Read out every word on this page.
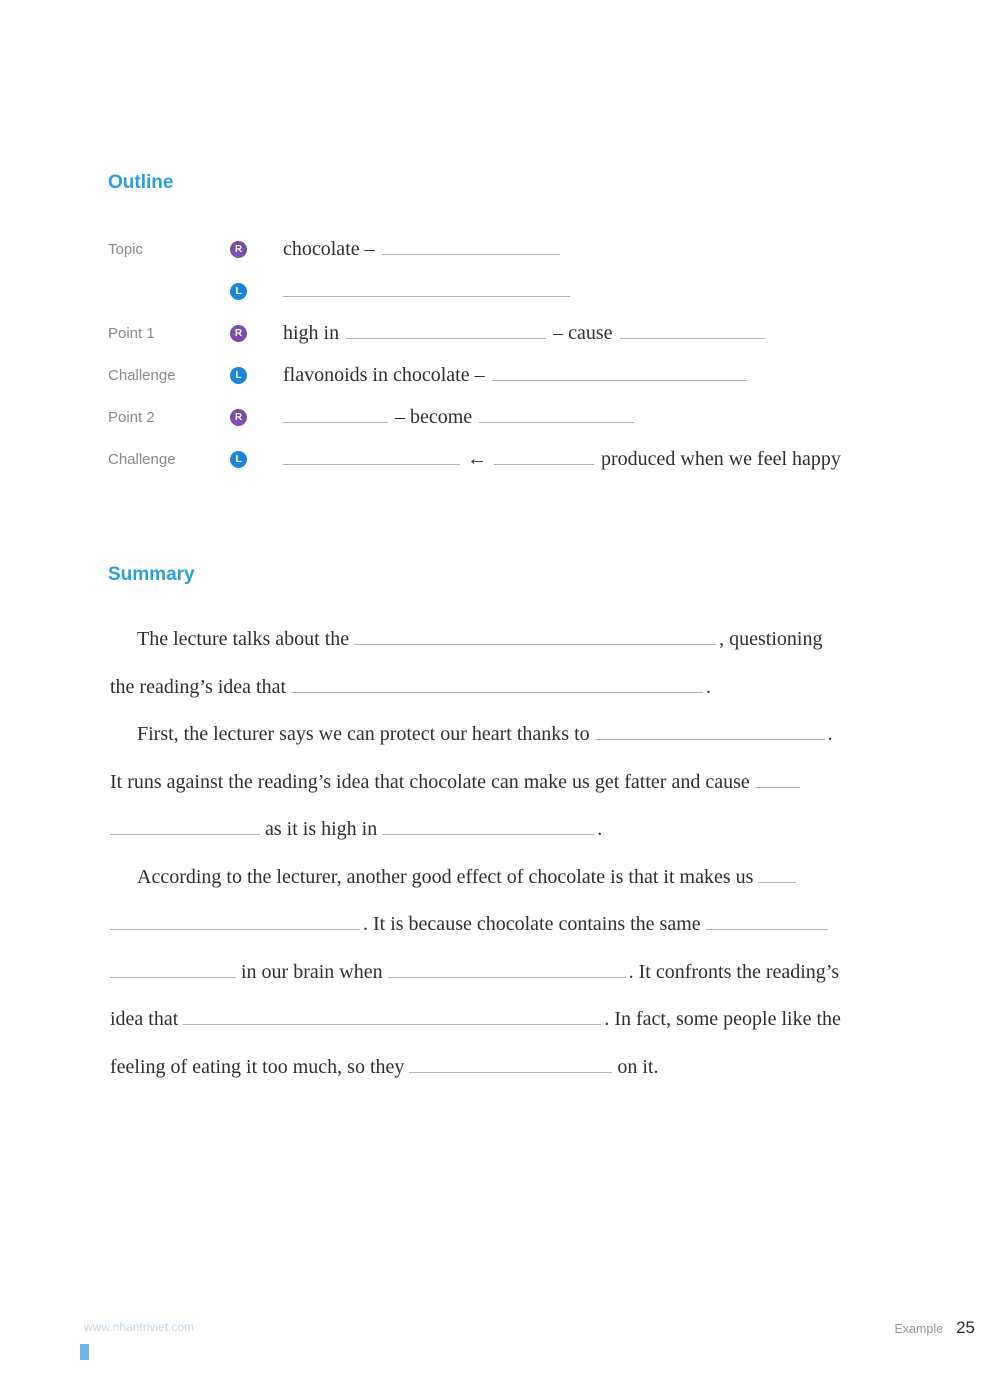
Outline
Topic	R chocolate –
L
Point 1	R high in	– cause
Challenge	L flavonoids in chocolate –
Point 2	R	– become
Challenge	L	←	produced when we feel happy
Summary
The lecture talks about the	, questioning
the reading’s idea that	.
First, the lecturer says we can protect our heart thanks to	.
It runs against the reading’s idea that chocolate can make us get fatter and cause
as it is high in	.
According to the lecturer, another good effect of chocolate is that it makes us
. It is because chocolate contains the same
in our brain when	. It confronts the reading’s
idea that	. In fact, some people like the
feeling of eating it too much, so they	on it.
www.nhantriviet.com	Example 25
